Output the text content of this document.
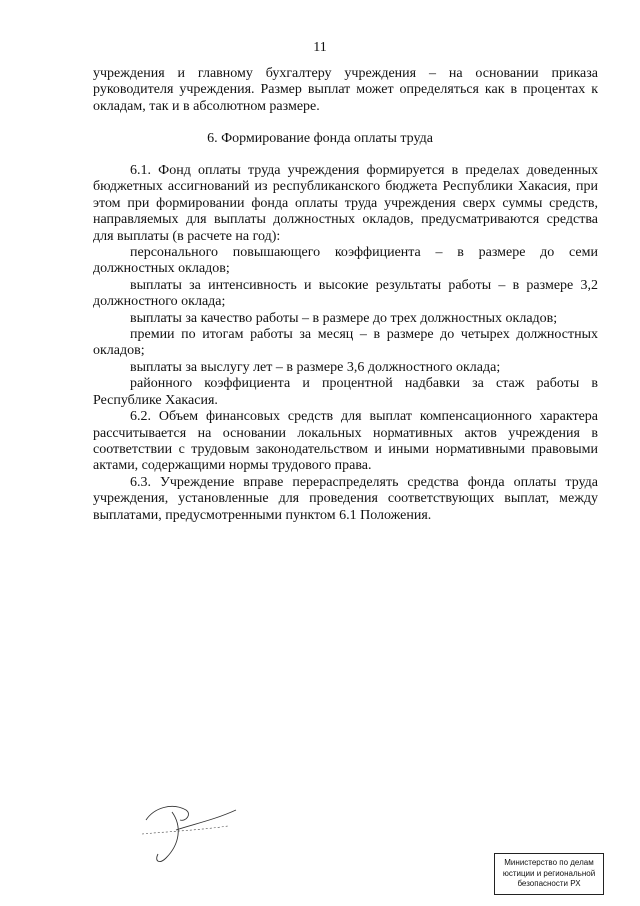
11

учреждения и главному бухгалтеру учреждения – на основании приказа руководителя учреждения. Размер выплат может определяться как в процентах к окладам, так и в абсолютном размере.

6. Формирование фонда оплаты труда

6.1. Фонд оплаты труда учреждения формируется в пределах доведенных бюджетных ассигнований из республиканского бюджета Республики Хакасия, при этом при формировании фонда оплаты труда учреждения сверх суммы средств, направляемых для выплаты должностных окладов, предусматриваются средства для выплаты (в расчете на год):

персонального повышающего коэффициента – в размере до семи должностных окладов;

выплаты за интенсивность и высокие результаты работы – в размере 3,2 должностного оклада;

выплаты за качество работы – в размере до трех должностных окладов;

премии по итогам работы за месяц – в размере до четырех должностных окладов;

выплаты за выслугу лет – в размере 3,6 должностного оклада;

районного коэффициента и процентной надбавки за стаж работы в Республике Хакасия.

6.2. Объем финансовых средств для выплат компенсационного характера рассчитывается на основании локальных нормативных актов учреждения в соответствии с трудовым законодательством и иными нормативными правовыми актами, содержащими нормы трудового права.

6.3. Учреждение вправе перераспределять средства фонда оплаты труда учреждения, установленные для проведения соответствующих выплат, между выплатами, предусмотренными пунктом 6.1 Положения.

Министерство по делам
юстиции и региональной
безопасности РХ
